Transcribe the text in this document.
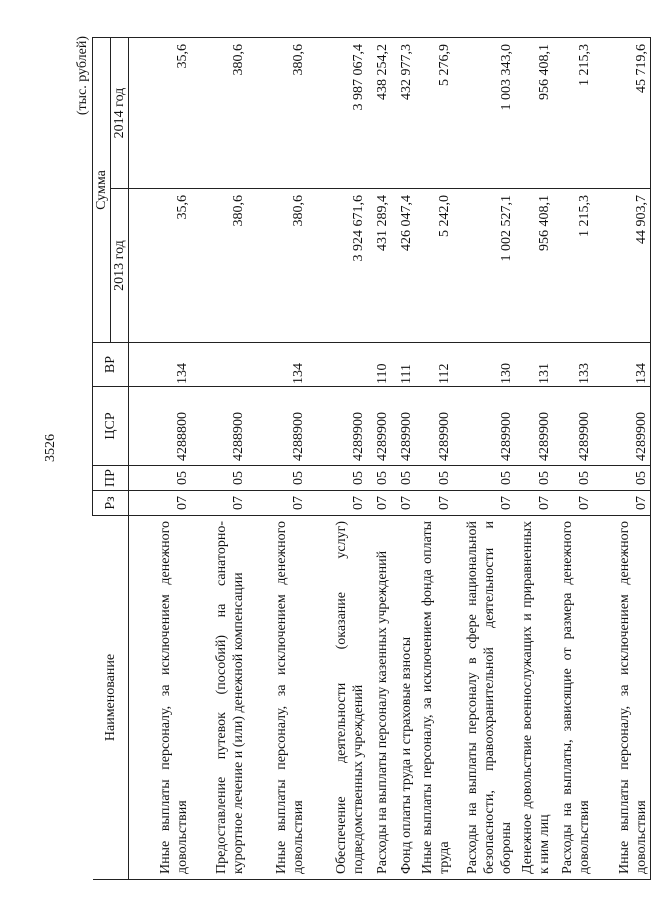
3526
(тыс. рублей)
Наименование	Рз	ПР	ЦСР	ВР	Сумма	
					2013 год	2014 год
Иные выплаты персоналу, за исключением денежного довольствия	07	05	4288800	134	35,6	35,6
Предоставление путевок (пособий) на санаторно-курортное лечение и (или) денежной компенсации	07	05	4288900		380,6	380,6
Иные выплаты персоналу, за исключением денежного довольствия	07	05	4288900	134	380,6	380,6
Обеспечение деятельности (оказание услуг) подведомственных учреждений	07	05	4289900		3 924 671,6	3 987 067,4
Расходы на выплаты персоналу казенных учреждений	07	05	4289900	110	431 289,4	438 254,2
Фонд оплаты труда и страховые взносы	07	05	4289900	111	426 047,4	432 977,3
Иные выплаты персоналу, за исключением фонда оплаты труда	07	05	4289900	112	5 242,0	5 276,9
Расходы на выплаты персоналу в сфере национальной безопасности, правоохранительной деятельности и обороны	07	05	4289900	130	1 002 527,1	1 003 343,0
Денежное довольствие военнослужащих и приравненных к ним лиц	07	05	4289900	131	956 408,1	956 408,1
Расходы на выплаты, зависящие от размера денежного довольствия	07	05	4289900	133	1 215,3	1 215,3
Иные выплаты персоналу, за исключением денежного довольствия	07	05	4289900	134	44 903,7	45 719,6
